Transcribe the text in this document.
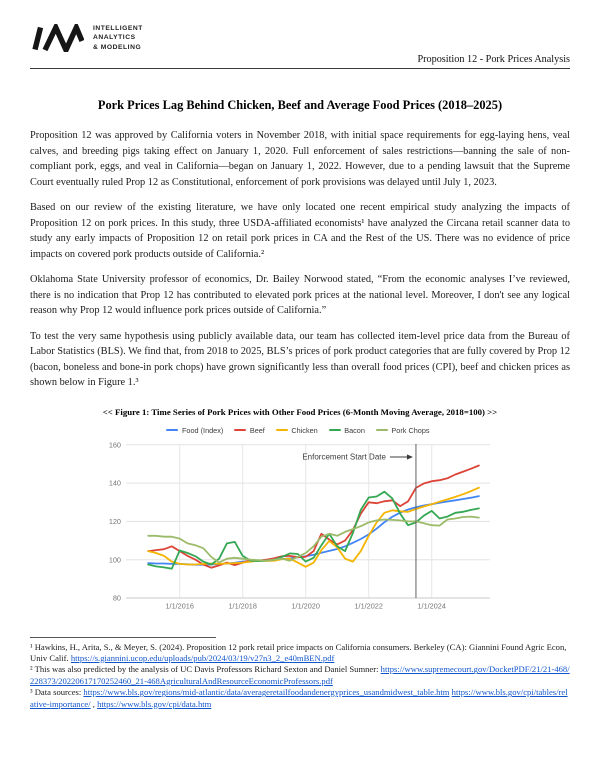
INTELLIGENT
ANALYTICS
& MODELING
Proposition 12 - Pork Prices Analysis
Pork Prices Lag Behind Chicken, Beef and Average Food Prices (2018–2025)

Proposition 12 was approved by California voters in November 2018, with initial space requirements for egg-laying hens, veal calves, and breeding pigs taking effect on January 1, 2020. Full enforcement of sales restrictions—banning the sale of non-compliant pork, eggs, and veal in California—began on January 1, 2022. However, due to a pending lawsuit that the Supreme Court eventually ruled Prop 12 as Constitutional, enforcement of pork provisions was delayed until July 1, 2023.

Based on our review of the existing literature, we have only located one recent empirical study analyzing the impacts of Proposition 12 on pork prices. In this study, three USDA-affiliated economists¹ have analyzed the Circana retail scanner data to study any early impacts of Proposition 12 on retail pork prices in CA and the Rest of the US. There was no evidence of price impacts on covered pork products outside of California.²

Oklahoma State University professor of economics, Dr. Bailey Norwood stated, “From the economic analyses I’ve reviewed, there is no indication that Prop 12 has contributed to elevated pork prices at the national level. Moreover, I don't see any logical reason why Prop 12 would influence pork prices outside of California.”

To test the very same hypothesis using publicly available data, our team has collected item-level price data from the Bureau of Labor Statistics (BLS). We find that, from 2018 to 2025, BLS’s prices of pork product categories that are fully covered by Prop 12 (bacon, boneless and bone-in pork chops) have grown significantly less than overall food prices (CPI), beef and chicken prices as shown below in Figure 1.³

<< Figure 1: Time Series of Pork Prices with Other Food Prices (6-Month Moving Average, 2018=100) >>
Food (Index)	Beef	Chicken	Bacon	Pork Chops
1/1/2016	1/1/2018	1/1/2020	1/1/2022	1/1/2024
80
100
120
140
160
Enforcement Start Date

¹ Hawkins, H., Arita, S., & Meyer, S. (2024). Proposition 12 pork retail price impacts on California consumers. Berkeley (CA): Giannini Found Agric Econ, Univ Calif. https://s.giannini.ucop.edu/uploads/pub/2024/03/19/v27n3_2_e40mBEN.pdf

² This was also predicted by the analysis of UC Davis Professors Richard Sexton and Daniel Sumner: https://www.supremecourt.gov/DocketPDF/21/21-468/228373/20220617170252460_21-468AgriculturalAndResourceEconomicProfessors.pdf

³ Data sources: https://www.bls.gov/regions/mid-atlantic/data/averageretailfoodandenergyprices_usandmidwest_table.htm https://www.bls.gov/cpi/tables/relative-importance/ , https://www.bls.gov/cpi/data.htm
